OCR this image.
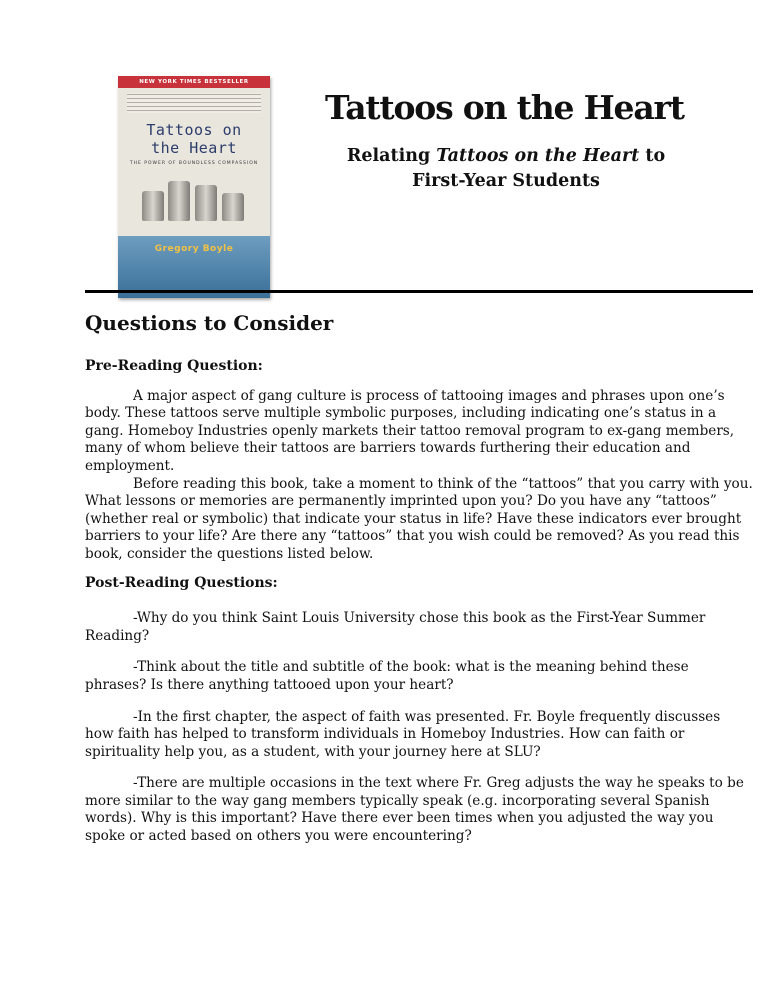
NEW YORK TIMES BESTSELLER
Tattoos on
the Heart
THE POWER OF BOUNDLESS COMPASSION
Gregory Boyle

Tattoos on the Heart
Relating Tattoos on the Heart to
First-Year Students
Questions to Consider
Pre-Reading Question:

A major aspect of gang culture is process of tattooing images and phrases upon one’s body. These tattoos serve multiple symbolic purposes, including indicating one’s status in a gang. Homeboy Industries openly markets their tattoo removal program to ex-gang members, many of whom believe their tattoos are barriers towards furthering their education and employment.

Before reading this book, take a moment to think of the “tattoos” that you carry with you. What lessons or memories are permanently imprinted upon you? Do you have any “tattoos” (whether real or symbolic) that indicate your status in life? Have these indicators ever brought barriers to your life? Are there any “tattoos” that you wish could be removed? As you read this book, consider the questions listed below.

Post-Reading Questions:

-Why do you think Saint Louis University chose this book as the First-Year Summer Reading?

-Think about the title and subtitle of the book: what is the meaning behind these phrases? Is there anything tattooed upon your heart?

-In the first chapter, the aspect of faith was presented. Fr. Boyle frequently discusses how faith has helped to transform individuals in Homeboy Industries. How can faith or spirituality help you, as a student, with your journey here at SLU?

-There are multiple occasions in the text where Fr. Greg adjusts the way he speaks to be more similar to the way gang members typically speak (e.g. incorporating several Spanish words). Why is this important? Have there ever been times when you adjusted the way you spoke or acted based on others you were encountering?
